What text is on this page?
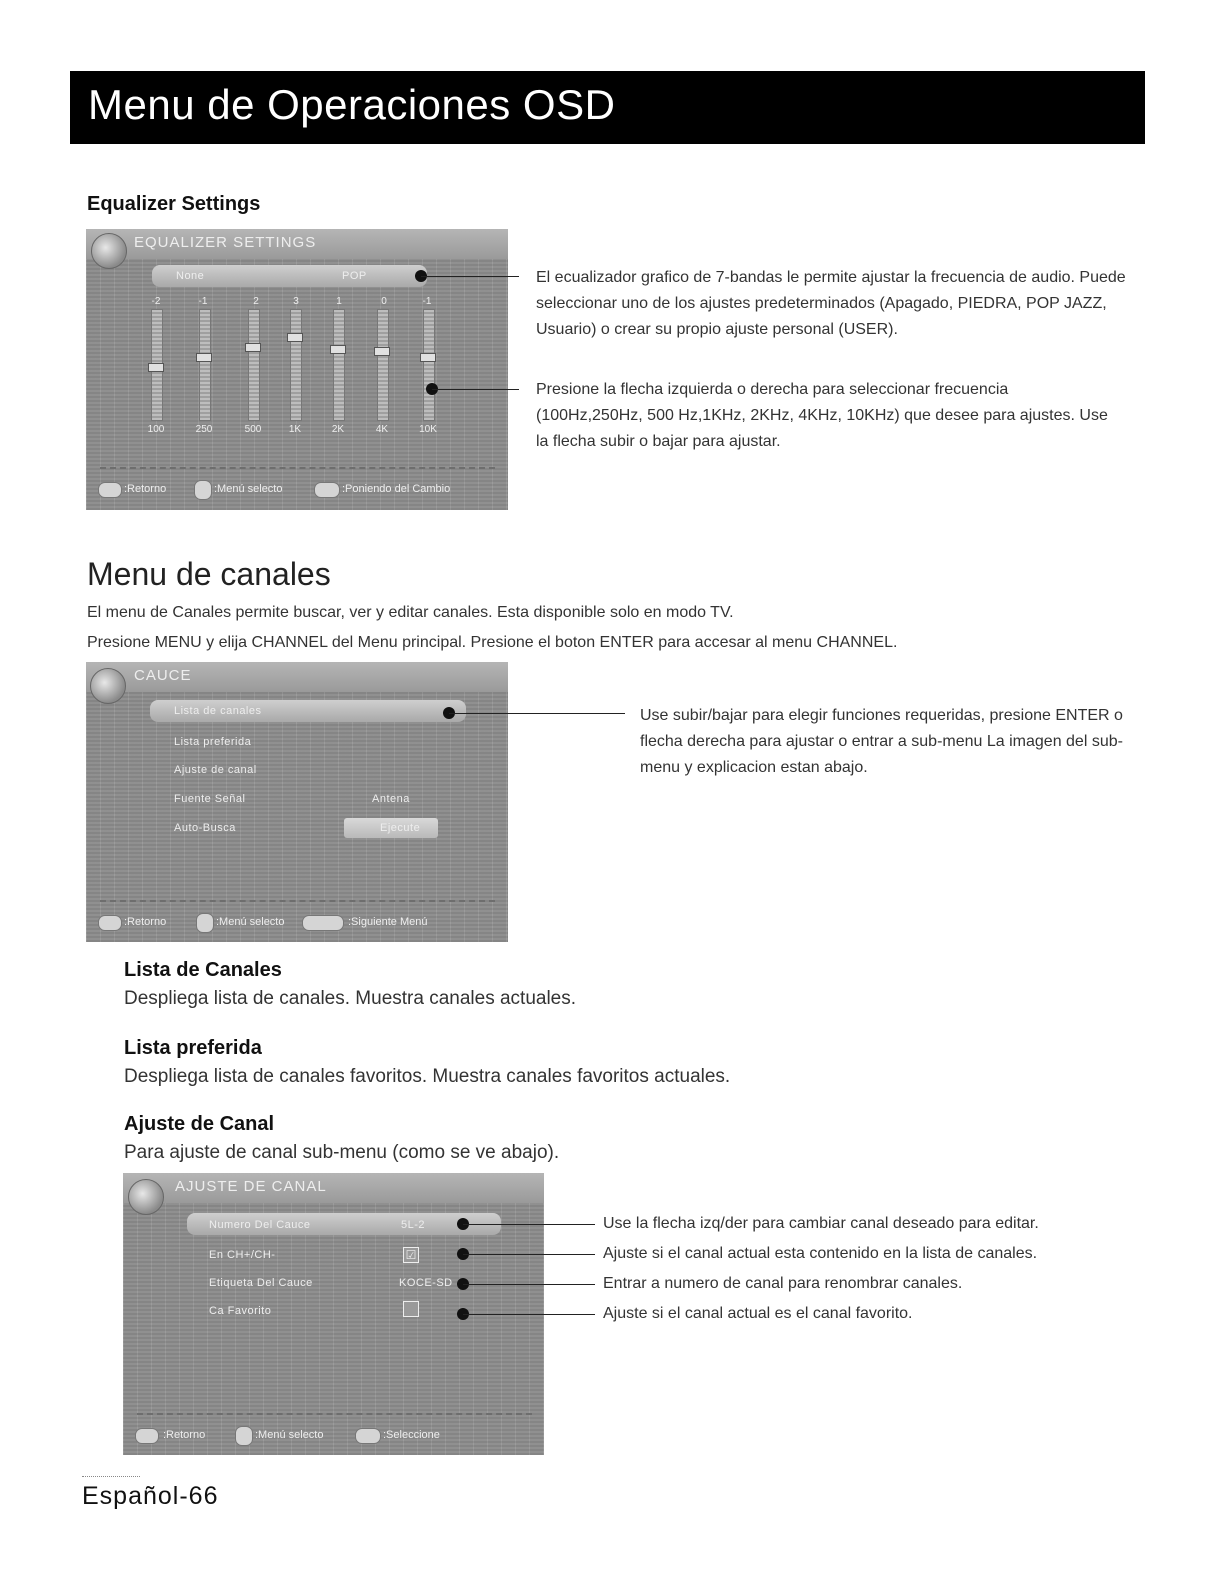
Menu de Operaciones OSD
Equalizer Settings
EQUALIZER SETTINGS
None	POP
-2	-1	2	3	1	0	-1
100	250	500	1K	2K	4K	10K
:Retorno	:Menú selecto	:Poniendo del Cambio
El ecualizador grafico de 7-bandas le permite ajustar la frecuencia de audio. Puede seleccionar uno de los ajustes predeterminados (Apagado, PIEDRA, POP JAZZ, Usuario) o crear su propio ajuste personal (USER).
Presione la flecha izquierda o derecha para seleccionar frecuencia (100Hz,250Hz, 500 Hz,1KHz, 2KHz, 4KHz, 10KHz) que desee para ajustes. Use la flecha subir o bajar para ajustar.
Menu de canales
El menu de Canales permite buscar, ver y editar canales. Esta disponible solo en modo TV.
Presione MENU y elija CHANNEL del Menu principal. Presione el boton ENTER para accesar al menu CHANNEL.
CAUCE
Lista de canales
Lista preferida
Ajuste de canal
Fuente Señal	Antena
Auto-Busca	Ejecute
:Retorno	:Menú selecto	:Siguiente Menú
Use subir/bajar para elegir funciones requeridas, presione ENTER o flecha derecha para ajustar o entrar a sub-menu La imagen del sub-menu y explicacion estan abajo.
Lista de Canales
Despliega lista de canales. Muestra canales actuales.
Lista preferida
Despliega lista de canales favoritos. Muestra canales favoritos actuales.
Ajuste de Canal
Para ajuste de canal sub-menu (como se ve abajo).
AJUSTE DE CANAL
Numero Del Cauce	5L-2
En CH+/CH-	☑
Etiqueta Del Cauce	KOCE-SD
Ca Favorito
:Retorno	:Menú selecto	:Seleccione
Use la flecha izq/der para cambiar canal deseado para editar.
Ajuste si el canal actual esta contenido en la lista de canales.
Entrar a numero de canal para renombrar canales.
Ajuste si el canal actual es el canal favorito.
Español-66
